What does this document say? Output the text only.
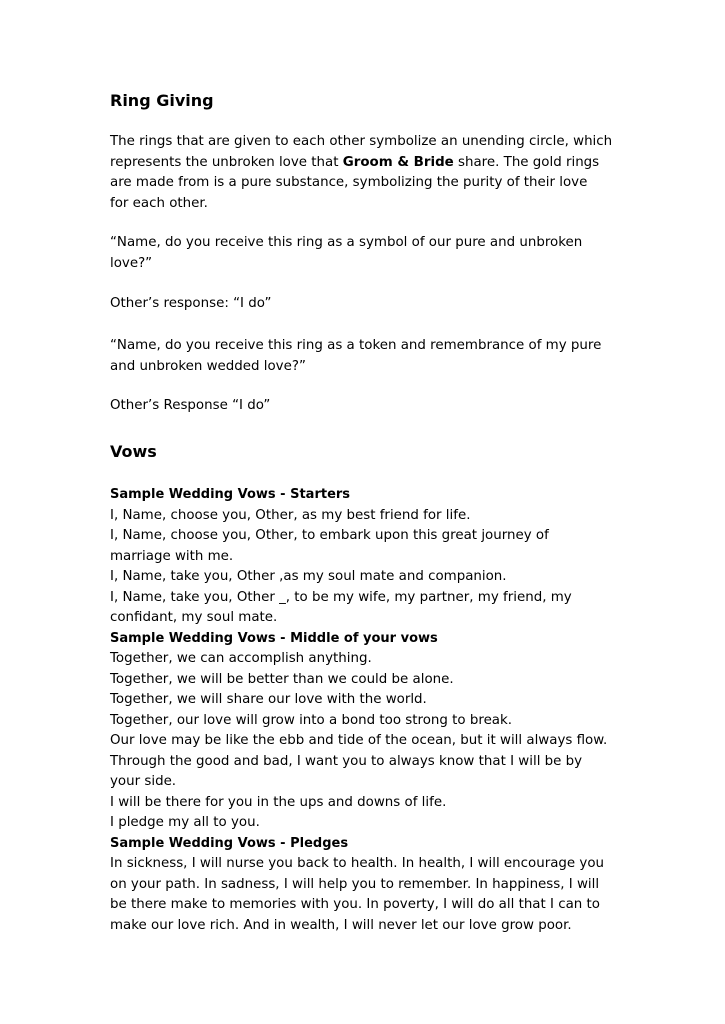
Ring Giving
The rings that are given to each other symbolize an unending circle, which
represents the unbroken love that Groom & Bride share. The gold rings
are made from is a pure substance, symbolizing the purity of their love
for each other.
“Name, do you receive this ring as a symbol of our pure and unbroken
love?”
Other’s response: “I do”
“Name, do you receive this ring as a token and remembrance of my pure
and unbroken wedded love?”
Other’s Response “I do”
Vows
Sample Wedding Vows - Starters
I, Name, choose you, Other, as my best friend for life.
I, Name, choose you, Other, to embark upon this great journey of
marriage with me.
I, Name, take you, Other ,as my soul mate and companion.
I, Name, take you, Other _, to be my wife, my partner, my friend, my
confidant, my soul mate.
Sample Wedding Vows - Middle of your vows
Together, we can accomplish anything.
Together, we will be better than we could be alone.
Together, we will share our love with the world.
Together, our love will grow into a bond too strong to break.
Our love may be like the ebb and tide of the ocean, but it will always flow.
Through the good and bad, I want you to always know that I will be by
your side.
I will be there for you in the ups and downs of life.
I pledge my all to you.
Sample Wedding Vows - Pledges
In sickness, I will nurse you back to health. In health, I will encourage you
on your path. In sadness, I will help you to remember. In happiness, I will
be there make to memories with you. In poverty, I will do all that I can to
make our love rich. And in wealth, I will never let our love grow poor.
